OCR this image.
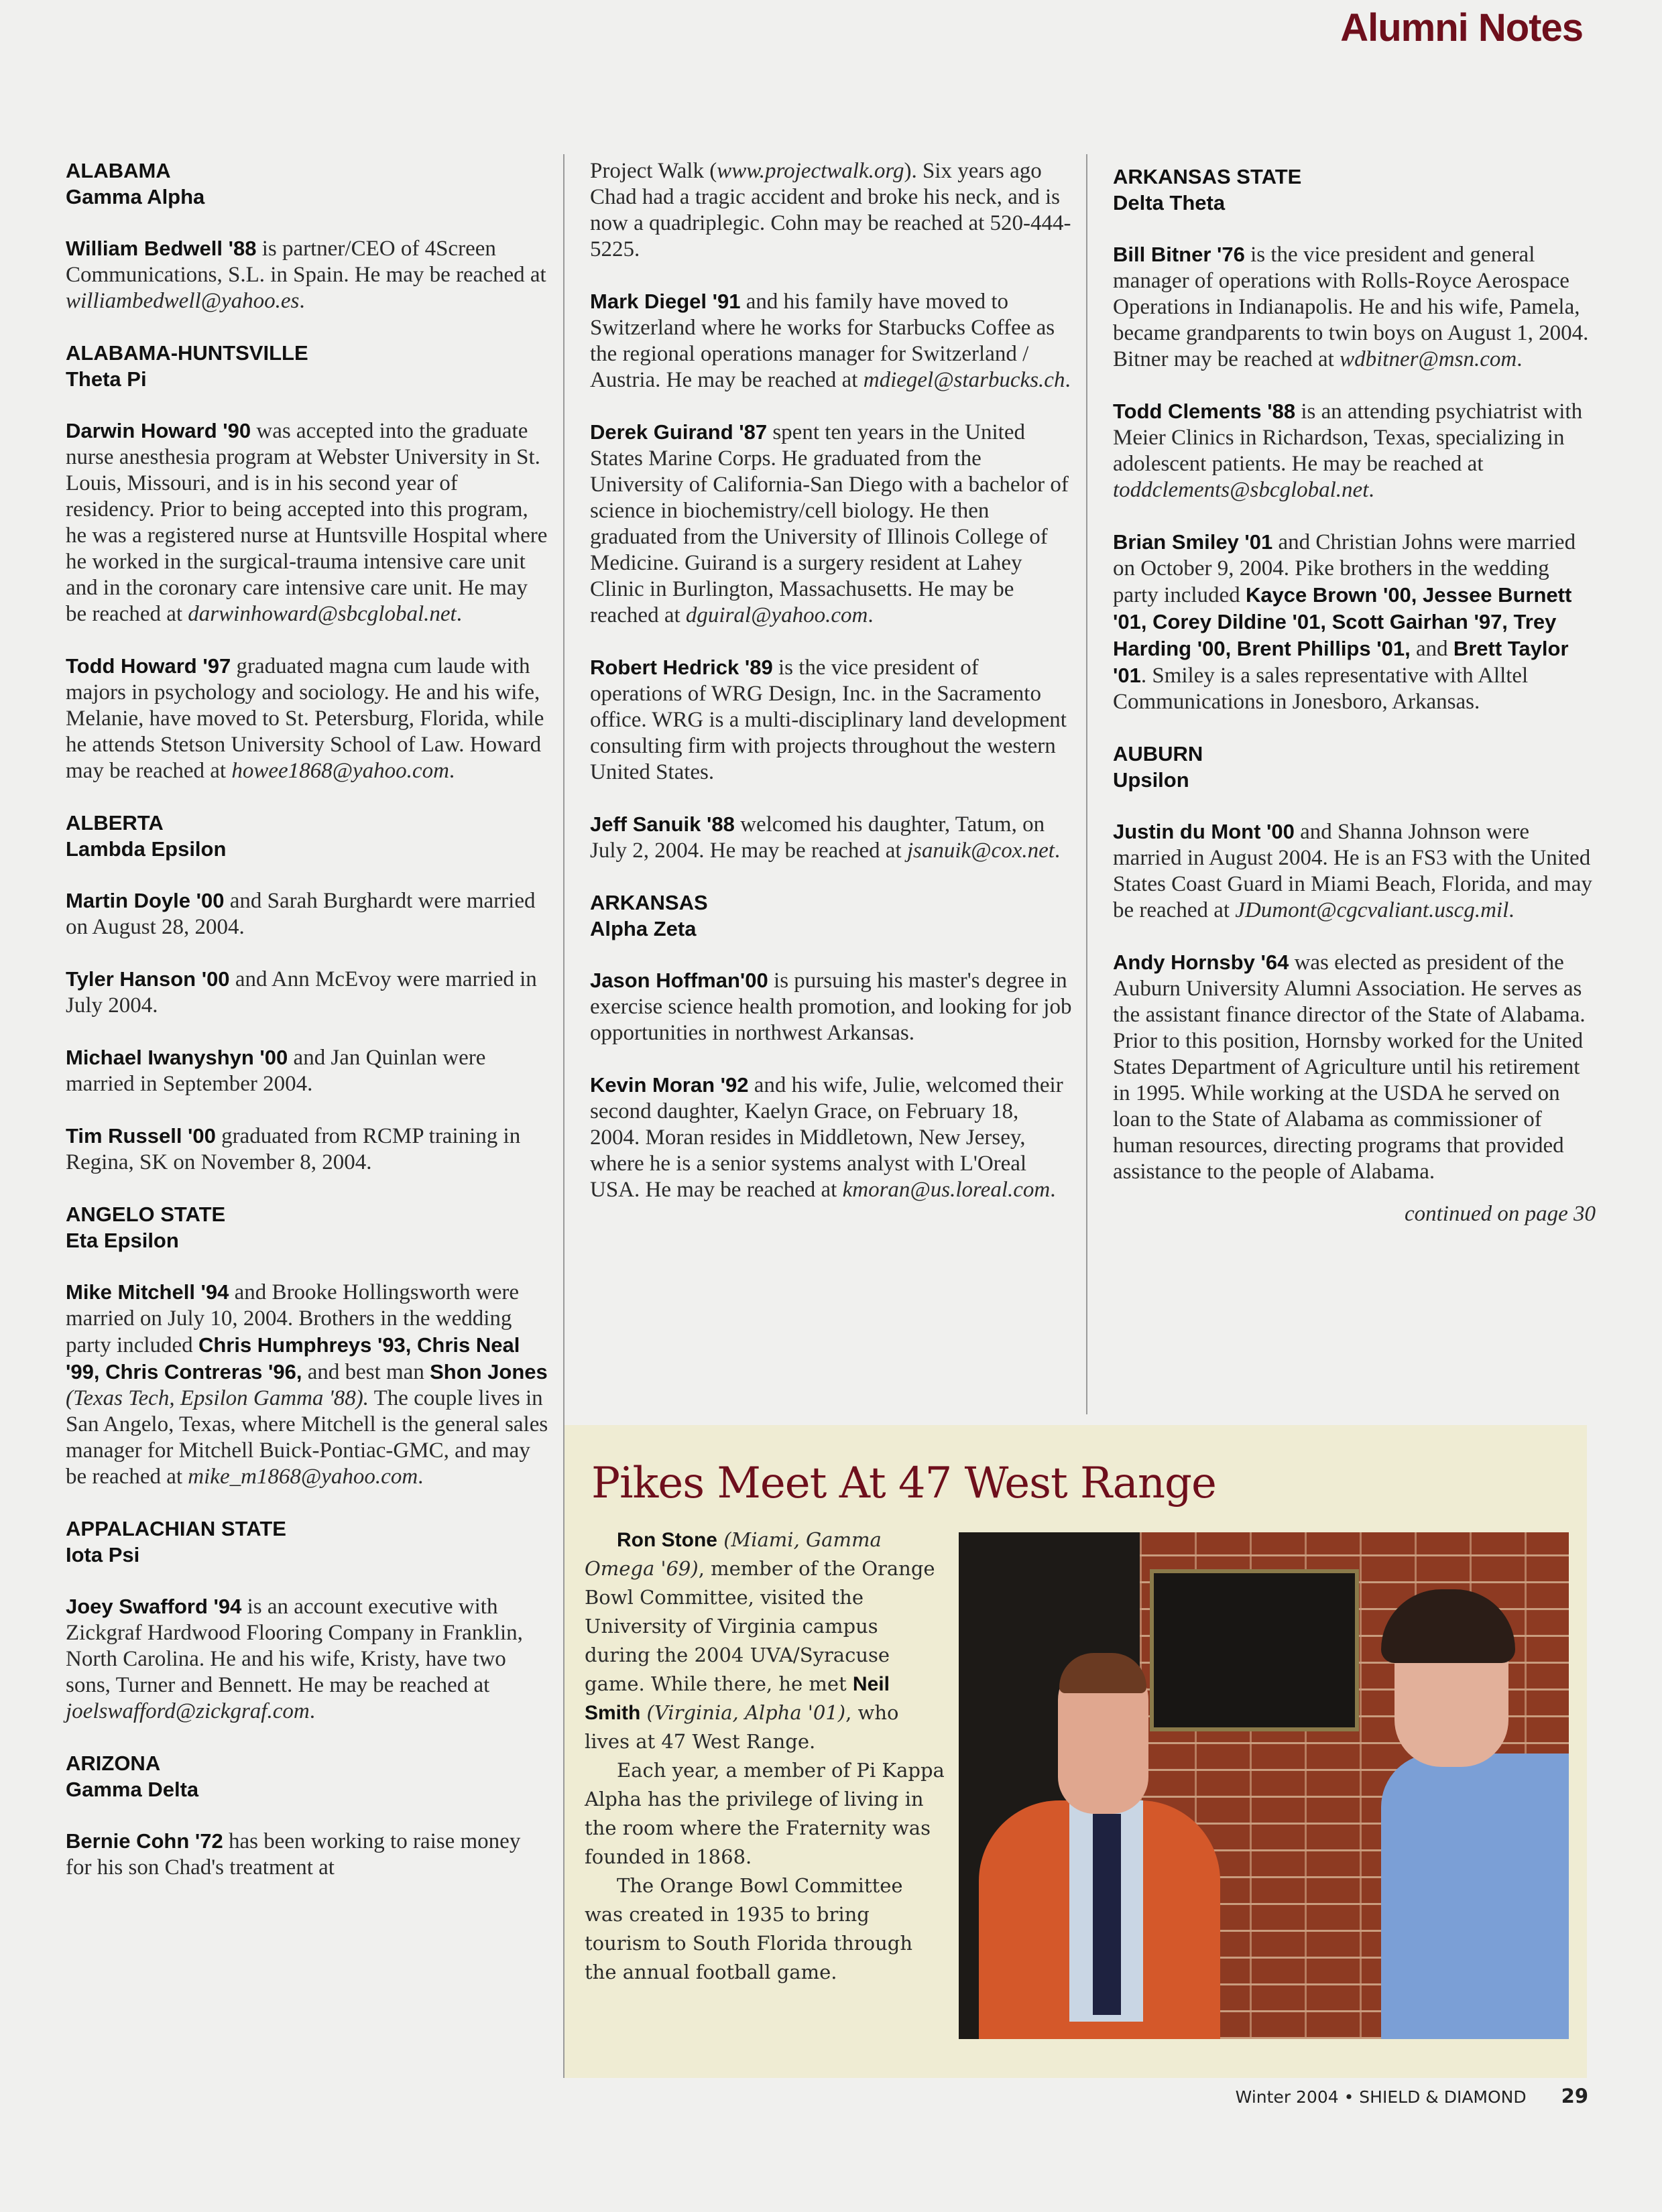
Alumni Notes
ALABAMA
Gamma Alpha

William Bedwell '88 is partner/CEO of 4Screen Communications, S.L. in Spain. He may be reached at williambedwell@yahoo.es.

ALABAMA-HUNTSVILLE
Theta Pi

Darwin Howard '90 was accepted into the graduate nurse anesthesia program at Webster University in St. Louis, Missouri, and is in his second year of residency. Prior to being accepted into this program, he was a registered nurse at Huntsville Hospital where he worked in the surgical-trauma intensive care unit and in the coronary care intensive care unit. He may be reached at darwinhoward@sbcglobal.net.

Todd Howard '97 graduated magna cum laude with majors in psychology and sociology. He and his wife, Melanie, have moved to St. Petersburg, Florida, while he attends Stetson University School of Law. Howard may be reached at howee1868@yahoo.com.

ALBERTA
Lambda Epsilon

Martin Doyle '00 and Sarah Burghardt were married on August 28, 2004.

Tyler Hanson '00 and Ann McEvoy were married in July 2004.

Michael Iwanyshyn '00 and Jan Quinlan were married in September 2004.

Tim Russell '00 graduated from RCMP training in Regina, SK on November 8, 2004.

ANGELO STATE
Eta Epsilon

Mike Mitchell '94 and Brooke Hollingsworth were married on July 10, 2004. Brothers in the wedding party included Chris Humphreys '93, Chris Neal '99, Chris Contreras '96, and best man Shon Jones (Texas Tech, Epsilon Gamma '88). The couple lives in San Angelo, Texas, where Mitchell is the general sales manager for Mitchell Buick-Pontiac-GMC, and may be reached at mike_m1868@yahoo.com.

APPALACHIAN STATE
Iota Psi

Joey Swafford '94 is an account executive with Zickgraf Hardwood Flooring Company in Franklin, North Carolina. He and his wife, Kristy, have two sons, Turner and Bennett. He may be reached at joelswafford@zickgraf.com.

ARIZONA
Gamma Delta

Bernie Cohn '72 has been working to raise money for his son Chad's treatment at

Project Walk (www.projectwalk.org). Six years ago Chad had a tragic accident and broke his neck, and is now a quadriplegic. Cohn may be reached at 520-444-5225.

Mark Diegel '91 and his family have moved to Switzerland where he works for Starbucks Coffee as the regional operations manager for Switzerland / Austria. He may be reached at mdiegel@starbucks.ch.

Derek Guirand '87 spent ten years in the United States Marine Corps. He graduated from the University of California-San Diego with a bachelor of science in biochemistry/cell biology. He then graduated from the University of Illinois College of Medicine. Guirand is a surgery resident at Lahey Clinic in Burlington, Massachusetts. He may be reached at dguiral@yahoo.com.

Robert Hedrick '89 is the vice president of operations of WRG Design, Inc. in the Sacramento office. WRG is a multi-disciplinary land development consulting firm with projects throughout the western United States.

Jeff Sanuik '88 welcomed his daughter, Tatum, on July 2, 2004. He may be reached at jsanuik@cox.net.

ARKANSAS
Alpha Zeta

Jason Hoffman'00 is pursuing his master's degree in exercise science health promotion, and looking for job opportunities in northwest Arkansas.

Kevin Moran '92 and his wife, Julie, welcomed their second daughter, Kaelyn Grace, on February 18, 2004. Moran resides in Middletown, New Jersey, where he is a senior systems analyst with L'Oreal USA. He may be reached at kmoran@us.loreal.com.

ARKANSAS STATE
Delta Theta

Bill Bitner '76 is the vice president and general manager of operations with Rolls-Royce Aerospace Operations in Indianapolis. He and his wife, Pamela, became grandparents to twin boys on August 1, 2004. Bitner may be reached at wdbitner@msn.com.

Todd Clements '88 is an attending psychiatrist with Meier Clinics in Richardson, Texas, specializing in adolescent patients. He may be reached at toddclements@sbcglobal.net.

Brian Smiley '01 and Christian Johns were married on October 9, 2004. Pike brothers in the wedding party included Kayce Brown '00, Jessee Burnett '01, Corey Dildine '01, Scott Gairhan '97, Trey Harding '00, Brent Phillips '01, and Brett Taylor '01. Smiley is a sales representative with Alltel Communications in Jonesboro, Arkansas.

AUBURN
Upsilon

Justin du Mont '00 and Shanna Johnson were married in August 2004. He is an FS3 with the United States Coast Guard in Miami Beach, Florida, and may be reached at JDumont@cgcvaliant.uscg.mil.

Andy Hornsby '64 was elected as president of the Auburn University Alumni Association. He serves as the assistant finance director of the State of Alabama. Prior to this position, Hornsby worked for the United States Department of Agriculture until his retirement in 1995. While working at the USDA he served on loan to the State of Alabama as commissioner of human resources, directing programs that provided assistance to the people of Alabama.

continued on page 30
Pikes Meet At 47 West Range

Ron Stone (Miami, Gamma Omega '69), member of the Orange Bowl Committee, visited the University of Virginia campus during the 2004 UVA/Syracuse game. While there, he met Neil Smith (Virginia, Alpha '01), who lives at 47 West Range.

Each year, a member of Pi Kappa Alpha has the privilege of living in the room where the Fraternity was founded in 1868.

The Orange Bowl Committee was created in 1935 to bring tourism to South Florida through the annual football game.

Winter 2004 • SHIELD & DIAMOND 29
